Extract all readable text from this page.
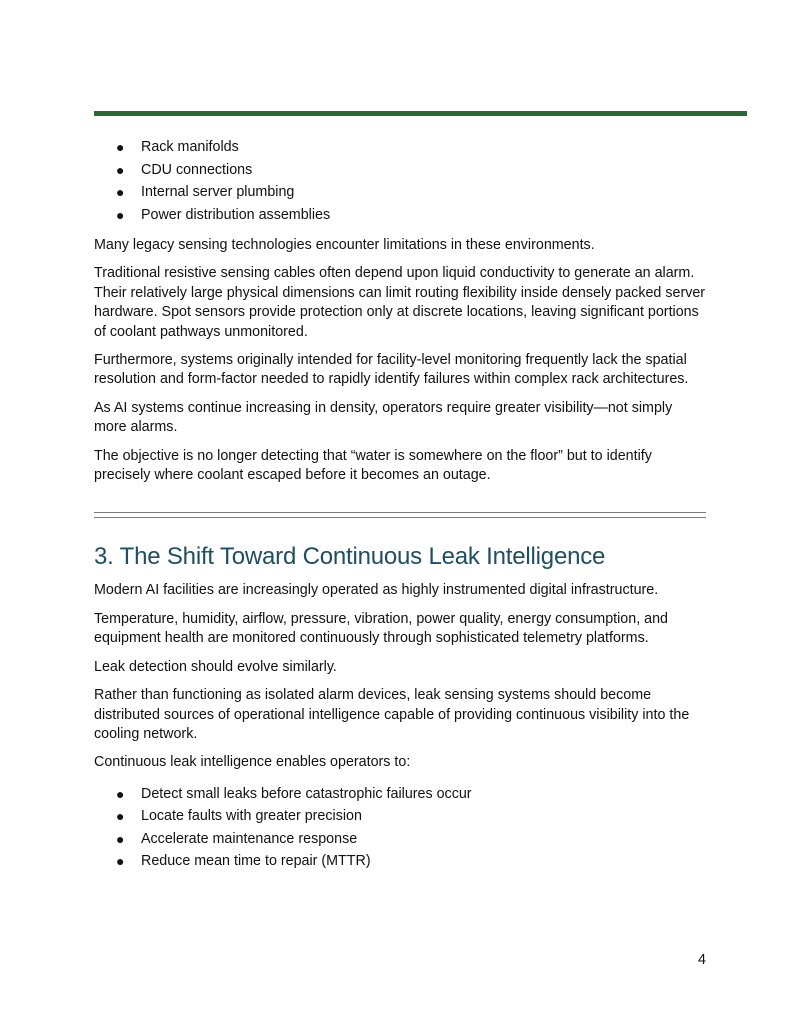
● Rack manifolds
● CDU connections
● Internal server plumbing
● Power distribution assemblies

Many legacy sensing technologies encounter limitations in these environments.

Traditional resistive sensing cables often depend upon liquid conductivity to generate an alarm. Their relatively large physical dimensions can limit routing flexibility inside densely packed server hardware. Spot sensors provide protection only at discrete locations, leaving significant portions of coolant pathways unmonitored.

Furthermore, systems originally intended for facility-level monitoring frequently lack the spatial resolution and form-factor needed to rapidly identify failures within complex rack architectures.

As AI systems continue increasing in density, operators require greater visibility—not simply more alarms.

The objective is no longer detecting that “water is somewhere on the floor” but to identify precisely where coolant escaped before it becomes an outage.

3. The Shift Toward Continuous Leak Intelligence

Modern AI facilities are increasingly operated as highly instrumented digital infrastructure.

Temperature, humidity, airflow, pressure, vibration, power quality, energy consumption, and equipment health are monitored continuously through sophisticated telemetry platforms.

Leak detection should evolve similarly.

Rather than functioning as isolated alarm devices, leak sensing systems should become distributed sources of operational intelligence capable of providing continuous visibility into the cooling network.

Continuous leak intelligence enables operators to:

● Detect small leaks before catastrophic failures occur
● Locate faults with greater precision
● Accelerate maintenance response
● Reduce mean time to repair (MTTR)
4
